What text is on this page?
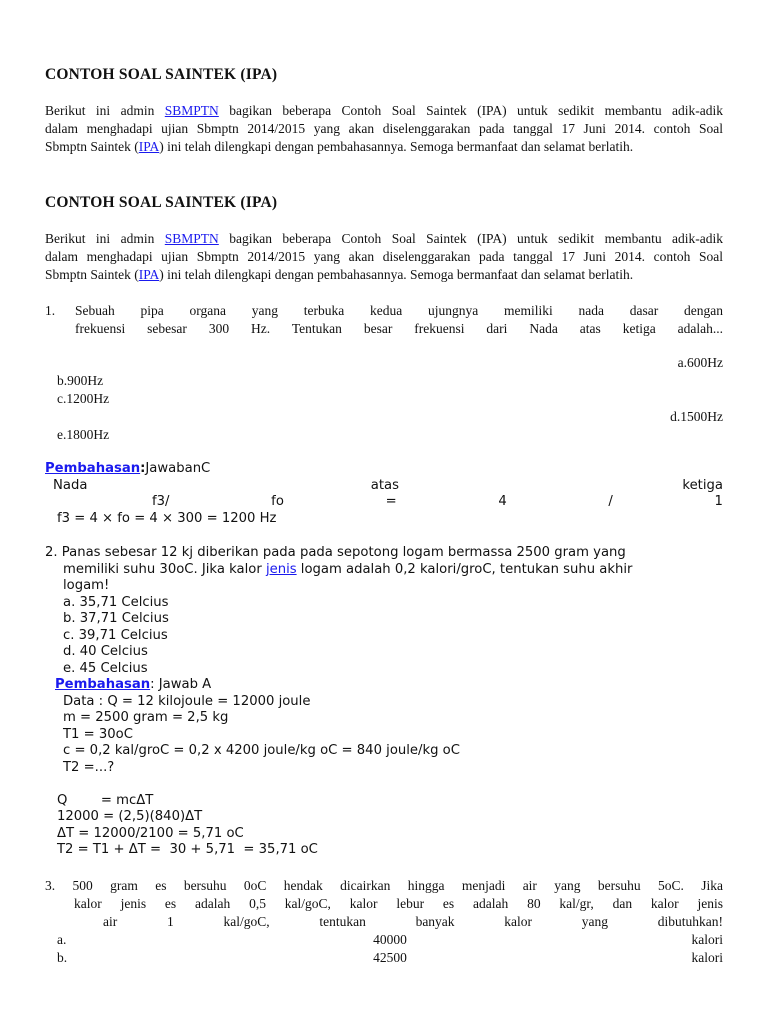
CONTOH SOAL SAINTEK (IPA)

Berikut ini admin SBMPTN bagikan beberapa Contoh Soal Saintek (IPA) untuk sedikit membantu adik-adik

dalam menghadapi ujian Sbmptn 2014/2015 yang akan diselenggarakan pada tanggal 17 Juni 2014. contoh Soal

Sbmptn Saintek (IPA) ini telah dilengkapi dengan pembahasannya. Semoga bermanfaat dan selamat berlatih.

CONTOH SOAL SAINTEK (IPA)

Berikut ini admin SBMPTN bagikan beberapa Contoh Soal Saintek (IPA) untuk sedikit membantu adik-adik

dalam menghadapi ujian Sbmptn 2014/2015 yang akan diselenggarakan pada tanggal 17 Juni 2014. contoh Soal

Sbmptn Saintek (IPA) ini telah dilengkapi dengan pembahasannya. Semoga bermanfaat dan selamat berlatih.

1.	Sebuah pipa organa yang terbuka kedua ujungnya memiliki nada dasar dengan

frekuensi sebesar 300 Hz. Tentukan besar frekuensi dari Nada atas ketiga adalah...

a.600Hz

b.900Hz

c.1200Hz

d.1500Hz

e.1800Hz

Pembahasan:JawabanC

Nada	atas	ketiga
f3/	fo	=	4	/	1

f3 = 4 × fo = 4 × 300 = 1200 Hz

2. Panas sebesar 12 kj diberikan pada pada sepotong logam bermassa 2500 gram yang

memiliki suhu 30oC. Jika kalor jenis logam adalah 0,2 kalori/groC, tentukan suhu akhir

logam!

a. 35,71 Celcius

b. 37,71 Celcius

c. 39,71 Celcius

d. 40 Celcius

e. 45 Celcius

Pembahasan: Jawab A

Data : Q = 12 kilojoule = 12000 joule

m = 2500 gram = 2,5 kg

T1 = 30oC

c = 0,2 kal/groC = 0,2 x 4200 joule/kg oC = 840 joule/kg oC

T2 =...?

Q        = mcΔT

12000 = (2,5)(840)ΔT

ΔT = 12000/2100 = 5,71 oC

T2 = T1 + ΔT =  30 + 5,71  = 35,71 oC

3. 500 gram es bersuhu 0oC hendak dicairkan hingga menjadi air yang bersuhu 5oC. Jika

kalor jenis es adalah 0,5 kal/goC, kalor lebur es adalah 80 kal/gr, dan kalor jenis

air	1	kal/goC,	tentukan	banyak	kalor	yang	dibutuhkan!
a.	40000	kalori
b.	42500	kalori
